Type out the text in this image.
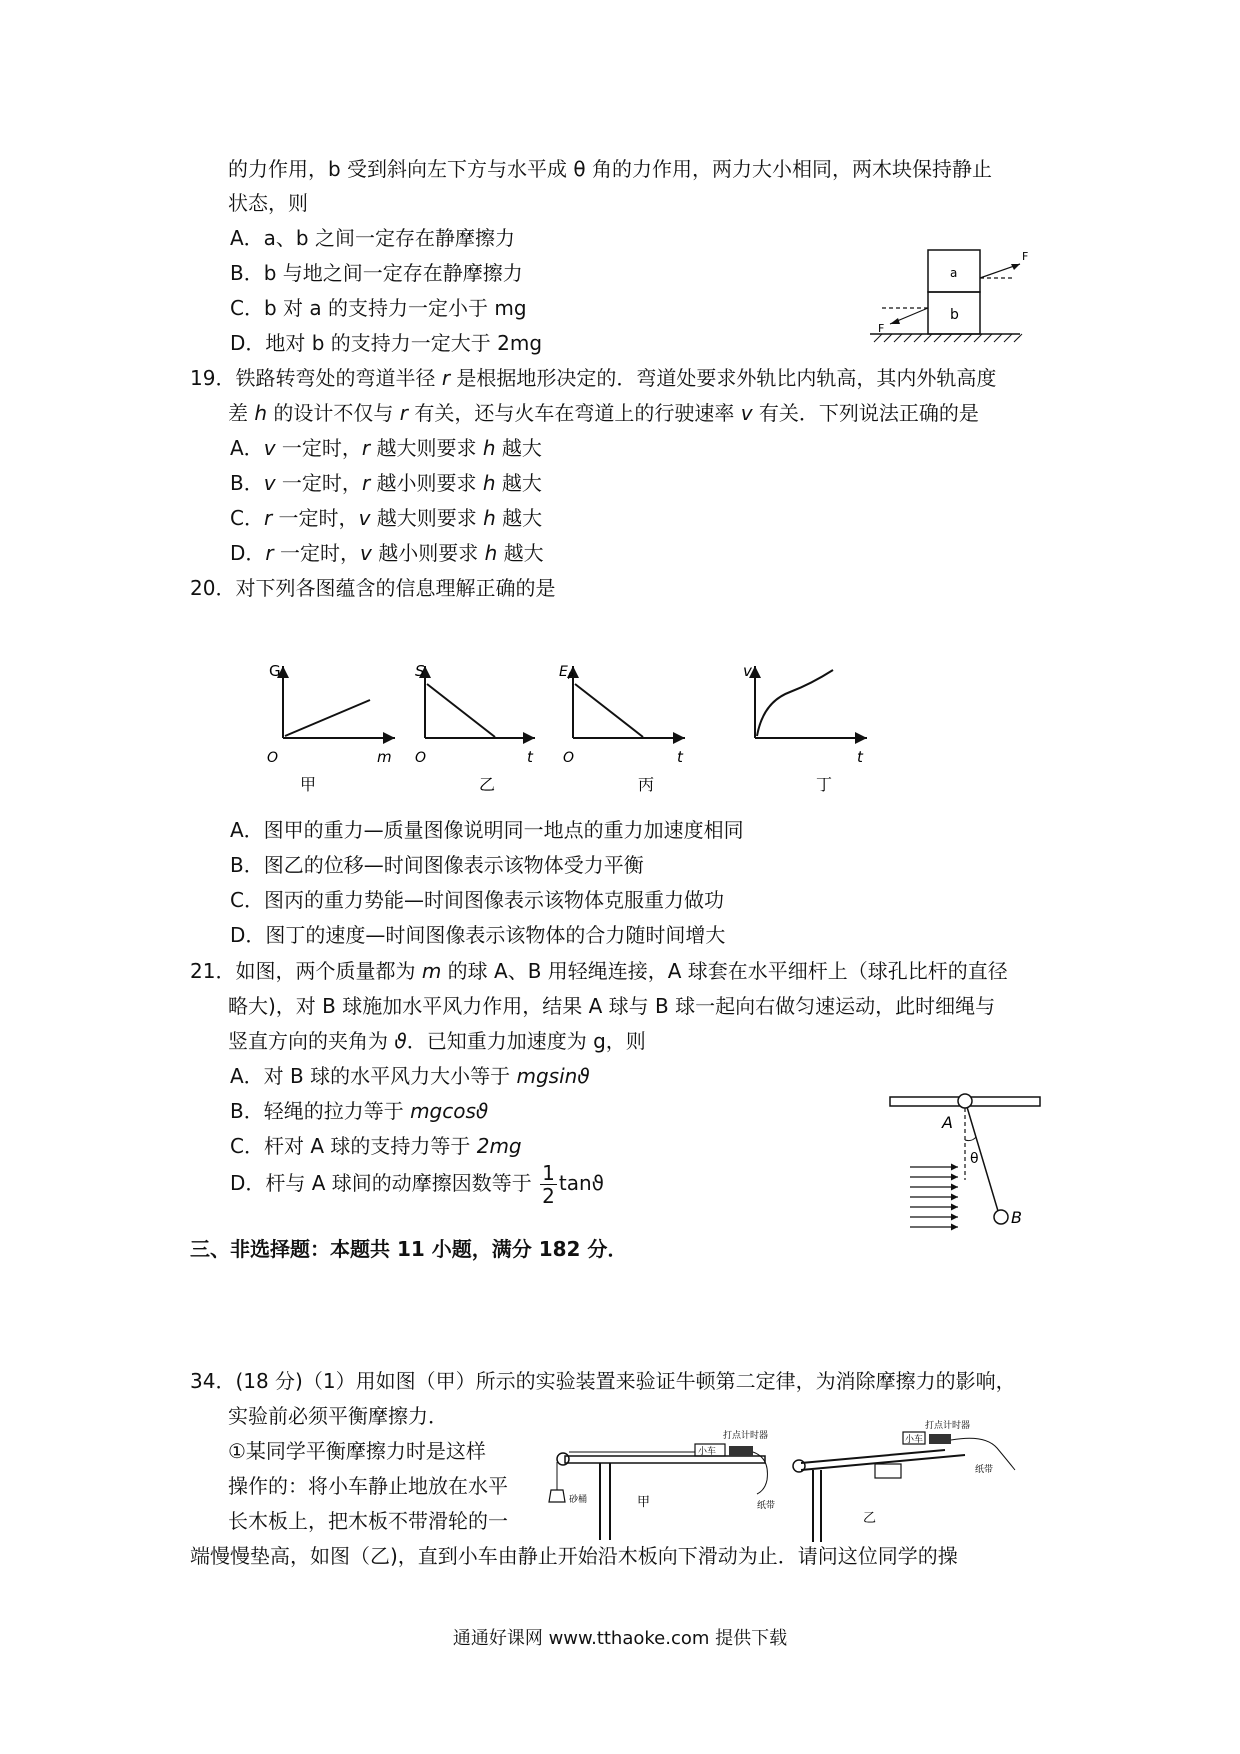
的力作用，b 受到斜向左下方与水平成 θ 角的力作用，两力大小相同，两木块保持静止
状态，则
A．a、b 之间一定存在静摩擦力
B．b 与地之间一定存在静摩擦力
C．b 对 a 的支持力一定小于 mg
D．地对 b 的支持力一定大于 2mg
a
b
F
F
19．铁路转弯处的弯道半径 r 是根据地形决定的．弯道处要求外轨比内轨高，其内外轨高度
差 h 的设计不仅与 r 有关，还与火车在弯道上的行驶速率 v 有关．下列说法正确的是
A．v 一定时，r 越大则要求 h 越大
B．v 一定时，r 越小则要求 h 越大
C．r 一定时，v 越大则要求 h 越大
D．r 一定时，v 越小则要求 h 越大
20．对下列各图蕴含的信息理解正确的是
G
m
O
甲
S
t
O
乙
$E_P$
t
O
丙
v
t
丁
A．图甲的重力—质量图像说明同一地点的重力加速度相同
B．图乙的位移—时间图像表示该物体受力平衡
C．图丙的重力势能—时间图像表示该物体克服重力做功
D．图丁的速度—时间图像表示该物体的合力随时间增大
21．如图，两个质量都为 m 的球 A、B 用轻绳连接，A 球套在水平细杆上（球孔比杆的直径
略大)，对 B 球施加水平风力作用，结果 A 球与 B 球一起向右做匀速运动，此时细绳与
竖直方向的夹角为 ϑ．已知重力加速度为 g，则
A．对 B 球的水平风力大小等于 mgsinϑ
B．轻绳的拉力等于 mgcosϑ
C．杆对 A 球的支持力等于 2mg
D．杆与 A 球间的动摩擦因数等于 $\frac{1}{2}$ tanϑ
A
B
θ
三、非选择题：本题共 11 小题，满分 182 分．
34．(18 分)（1）用如图（甲）所示的实验装置来验证牛顿第二定律，为消除摩擦力的影响，
实验前必须平衡摩擦力．
①某同学平衡摩擦力时是这样
操作的：将小车静止地放在水平
长木板上，把木板不带滑轮的一
端慢慢垫高，如图（乙)，直到小车由静止开始沿木板向下滑动为止．请问这位同学的操
砂桶
小车
打点计时器
纸带
甲
小车
打点计时器
纸带
乙
通通好课网 www.tthaoke.com 提供下载
